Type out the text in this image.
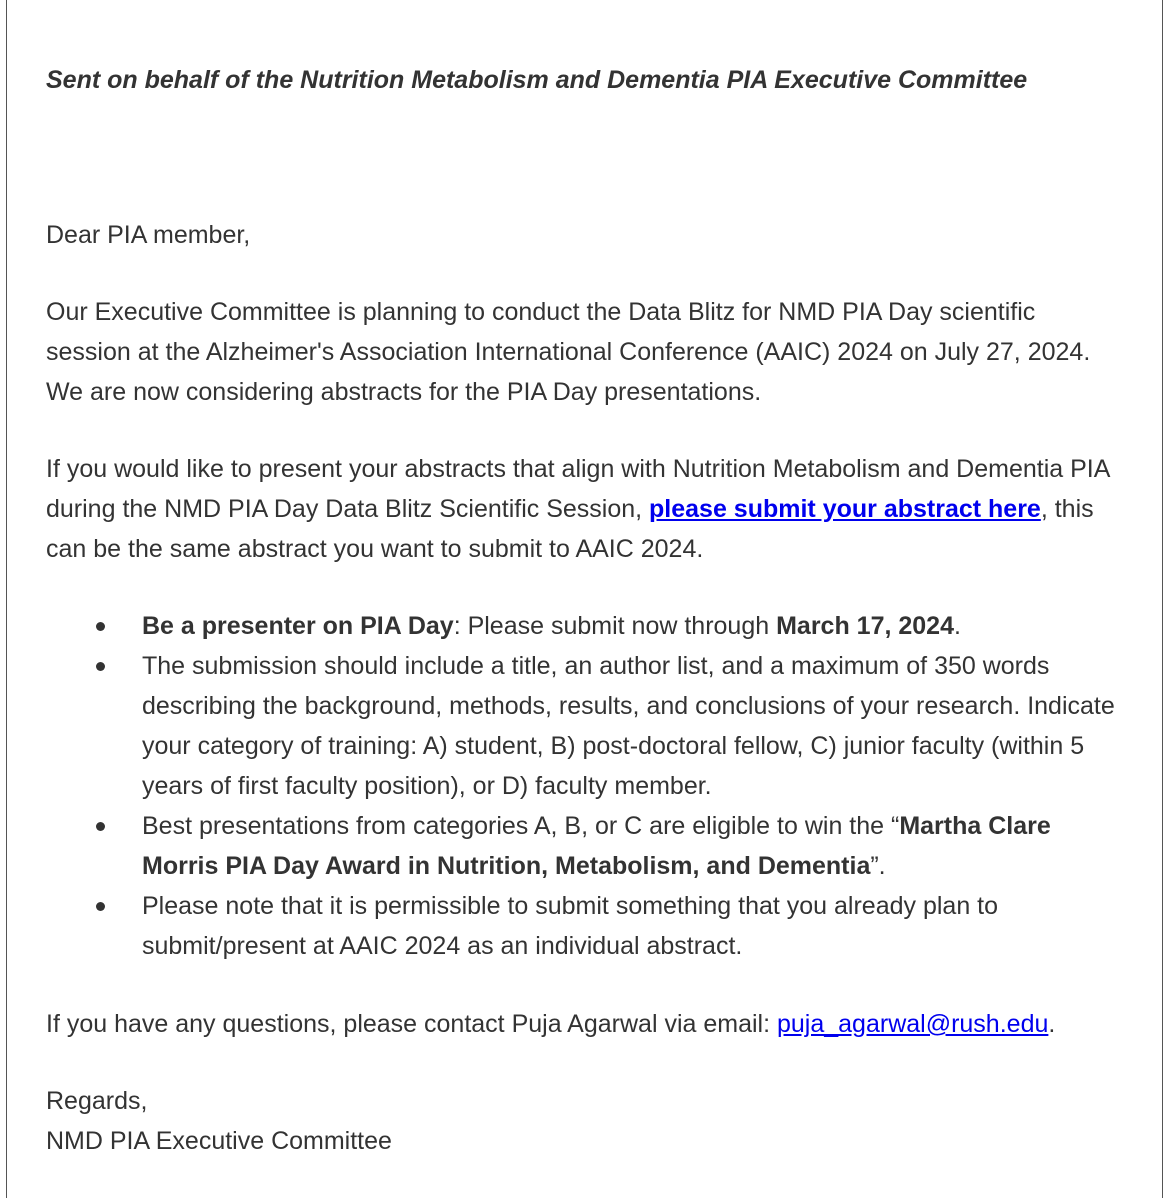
Sent on behalf of the Nutrition Metabolism and Dementia PIA Executive Committee

Dear PIA member,

Our Executive Committee is planning to conduct the Data Blitz for NMD PIA Day scientific session at the Alzheimer's Association International Conference (AAIC) 2024 on July 27, 2024. We are now considering abstracts for the PIA Day presentations.

If you would like to present your abstracts that align with Nutrition Metabolism and Dementia PIA during the NMD PIA Day Data Blitz Scientific Session, please submit your abstract here, this can be the same abstract you want to submit to AAIC 2024.

Be a presenter on PIA Day: Please submit now through March 17, 2024.
The submission should include a title, an author list, and a maximum of 350 words describing the background, methods, results, and conclusions of your research. Indicate your category of training: A) student, B) post-doctoral fellow, C) junior faculty (within 5 years of first faculty position), or D) faculty member.
Best presentations from categories A, B, or C are eligible to win the “Martha Clare Morris PIA Day Award in Nutrition, Metabolism, and Dementia”.
Please note that it is permissible to submit something that you already plan to submit/present at AAIC 2024 as an individual abstract.

If you have any questions, please contact Puja Agarwal via email: puja_agarwal@rush.edu.

Regards,

NMD PIA Executive Committee
